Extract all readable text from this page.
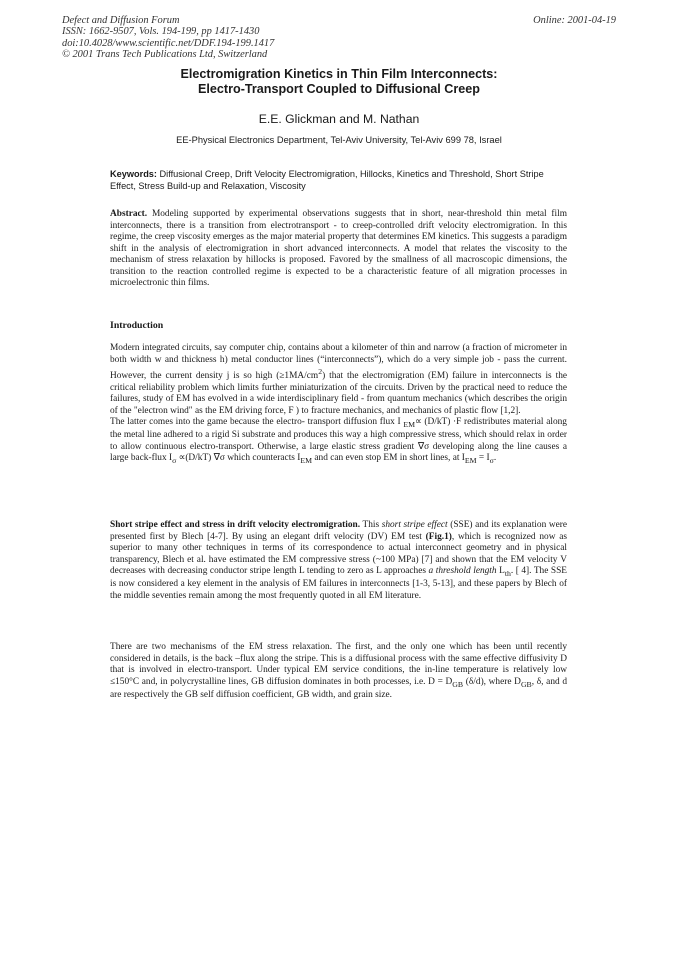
Defect and Diffusion Forum
ISSN: 1662-9507, Vols. 194-199, pp 1417-1430
doi:10.4028/www.scientific.net/DDF.194-199.1417
© 2001 Trans Tech Publications Ltd, Switzerland
Online: 2001-04-19
Electromigration Kinetics in Thin Film Interconnects:
Electro-Transport Coupled to Diffusional Creep
E.E. Glickman and M. Nathan
EE-Physical Electronics Department, Tel-Aviv University, Tel-Aviv 699 78, Israel
Keywords: Diffusional Creep, Drift Velocity Electromigration, Hillocks, Kinetics and Threshold, Short Stripe Effect, Stress Build-up and Relaxation, Viscosity

Abstract. Modeling supported by experimental observations suggests that in short, near-threshold thin metal film interconnects, there is a transition from electrotransport - to creep-controlled drift velocity electromigration. In this regime, the creep viscosity emerges as the major material property that determines EM kinetics. This suggests a paradigm shift in the analysis of electromigration in short advanced interconnects. A model that relates the viscosity to the mechanism of stress relaxation by hillocks is proposed. Favored by the smallness of all macroscopic dimensions, the transition to the reaction controlled regime is expected to be a characteristic feature of all migration processes in microelectronic thin films.

Introduction

Modern integrated circuits, say computer chip, contains about a kilometer of thin and narrow (a fraction of micrometer in both width w and thickness h) metal conductor lines (“interconnects”), which do a very simple job - pass the current. However, the current density j is so high $(\ge 1MA/cm^2)$ that the electromigration (EM) failure in interconnects is the critical reliability problem which limits further miniaturization of the circuits. Driven by the practical need to reduce the failures, study of EM has evolved in a wide interdisciplinary field - from quantum mechanics (which describes the origin of the "electron wind" as the EM driving force, F ) to fracture mechanics, and mechanics of plastic flow [1,2].

The latter comes into the game because the electro- transport diffusion flux I $_{EM}$∝ (D/kT) ·F redistributes material along the metal line adhered to a rigid Si substrate and produces this way a high compressive stress, which should relax in order to allow continuous electro-transport. Otherwise, a large elastic stress gradient ∇σ developing along the line causes a large back-flux $I_\sigma \propto(D/kT)$ ∇σ which counteracts $I_{EM}$ and can even stop EM in short lines, at $I_{EM} = I_\sigma$.

Short stripe effect and stress in drift velocity electromigration. This short stripe effect (SSE) and its explanation were presented first by Blech [4-7]. By using an elegant drift velocity (DV) EM test (Fig.1), which is recognized now as superior to many other techniques in terms of its correspondence to actual interconnect geometry and in physical transparency, Blech et al. have estimated the EM compressive stress (~100 MPa) [7] and shown that the EM velocity V decreases with decreasing conductor stripe length L tending to zero as L approaches a threshold length $L_{th}$. [ 4]. The SSE is now considered a key element in the analysis of EM failures in interconnects [1-3, 5-13], and these papers by Blech of the middle seventies remain among the most frequently quoted in all EM literature.

There are two mechanisms of the EM stress relaxation. The first, and the only one which has been until recently considered in details, is the back –flux along the stripe. This is a diffusional process with the same effective diffusivity D that is involved in electro-transport. Under typical EM service conditions, the in-line temperature is relatively low ≤150°C and, in polycrystalline lines, GB diffusion dominates in both processes, i.e. $D = D_{GB}$ (δ/d), where $D_{GB}$, δ, and d are respectively the GB self diffusion coefficient, GB width, and grain size.
